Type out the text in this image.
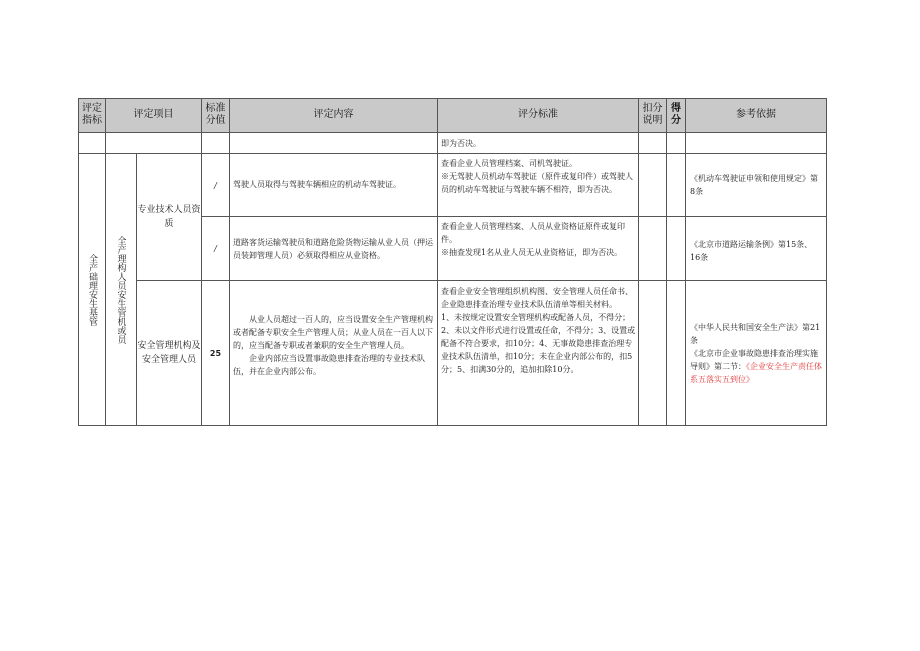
评定指标
评定项目
标准分值
评定内容	评分标准
扣分说明
得分
参考依据
即为否决。
全产础理安生基管 全产理构人员安生管机或员
专业技术人员资质
/	驾驶人员取得与驾驶车辆相应的机动车驾驶证。
查看企业人员管理档案、司机驾驶证。
※无驾驶人员机动车驾驶证（原件或复印件）或驾驶人员的机动车驾驶证与驾驶车辆不相符，即为否决。
《机动车驾驶证申领和使用规定》第8条
/
道路客货运输驾驶员和道路危险货物运输从业人员（押运员装卸管理人员）必须取得相应从业资格。
查看企业人员管理档案、人员从业资格证原件或复印件。
※抽查发现1名从业人员无从业资格证，即为否决。
《北京市道路运输条例》第15条、16条
安全管理机构及安全管理人员
25
从业人员超过一百人的，应当设置安全生产管理机构或者配备专职安全生产管理人员；从业人员在一百人以下的，应当配备专职或者兼职的安全生产管理人员。
企业内部应当设置事故隐患排查治理的专业技术队伍，并在企业内部公布。
查看企业安全管理组织机构图、安全管理人员任命书、企业隐患排查治理专业技术队伍清单等相关材料。
1、未按规定设置安全管理机构或配备人员，不得分；
2、未以文件形式进行设置或任命，不得分；3、设置或配备不符合要求，扣10分；4、无事故隐患排查治理专业技术队伍清单，扣10分；未在企业内部公布的，扣5分；5、扣满30分的，追加扣除10分。
《中华人民共和国安全生产法》第21条
《北京市企业事故隐患排查治理实施导则》第二节：《企业安全生产责任体系五落实五到位》
